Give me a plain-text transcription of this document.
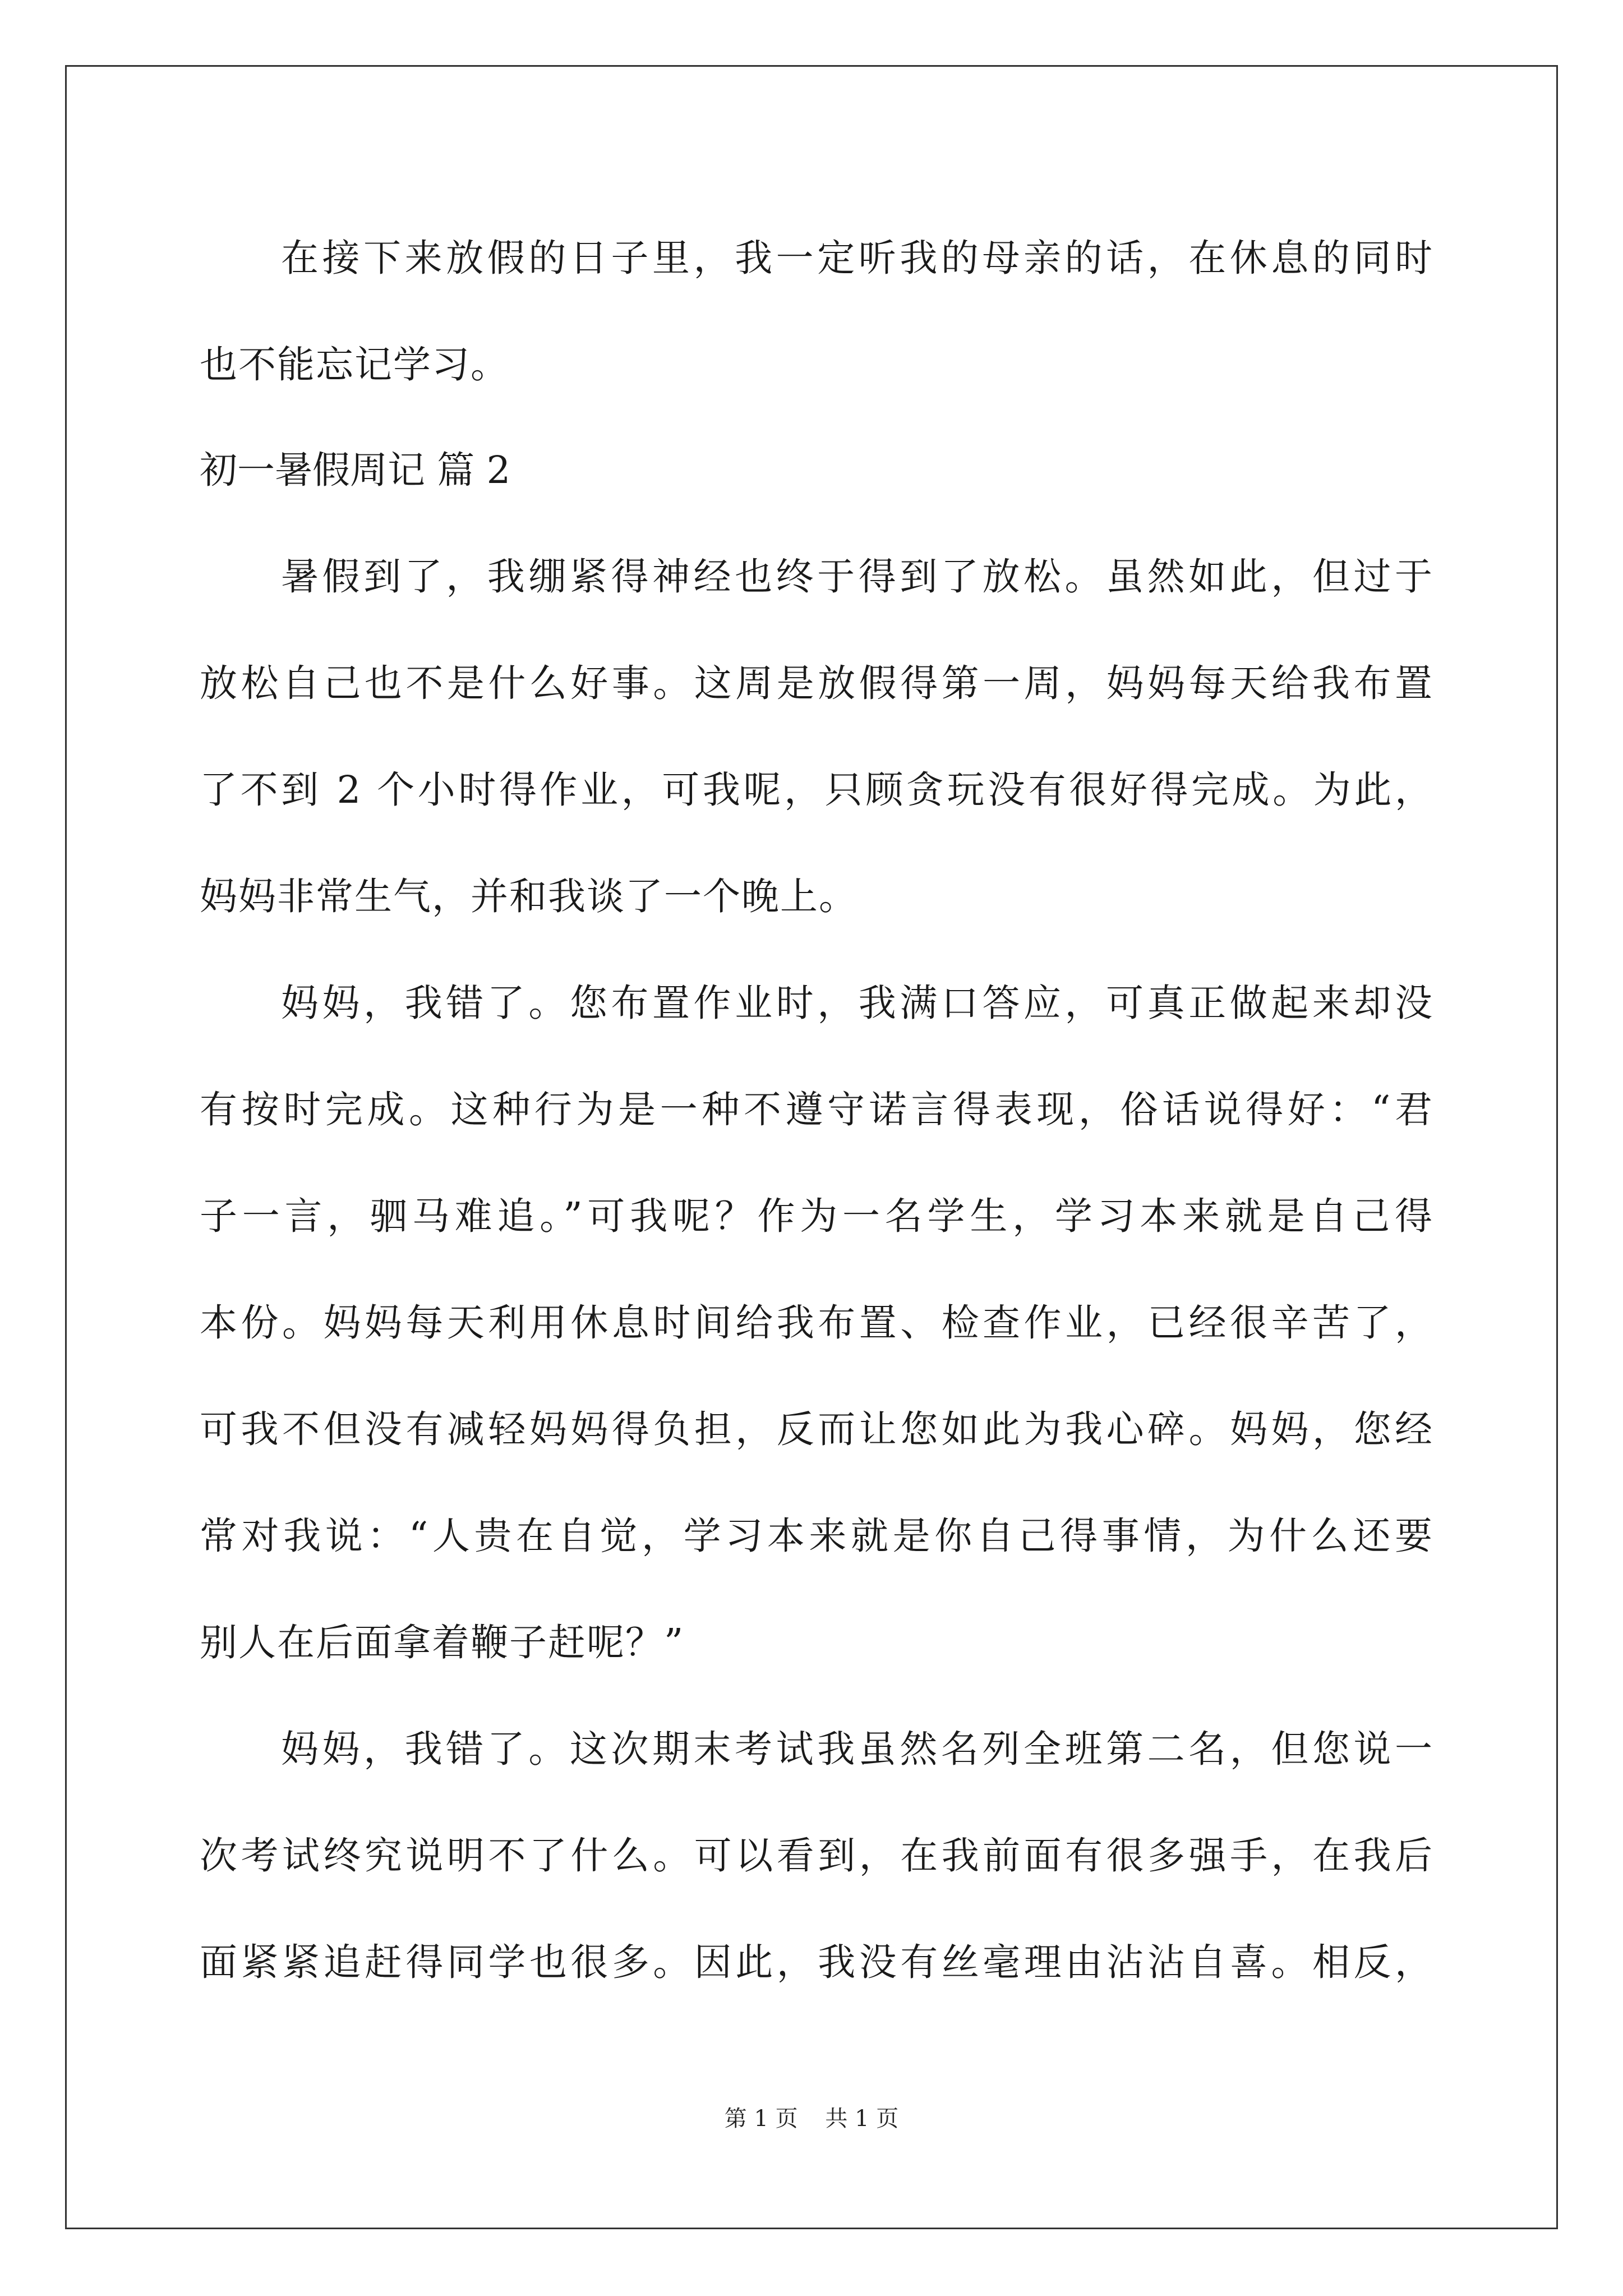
在接下来放假的日子里，我一定听我的母亲的话，在休息的同时
也不能忘记学习。
初一暑假周记 篇 2
暑假到了，我绷紧得神经也终于得到了放松。虽然如此，但过于
放松自己也不是什么好事。这周是放假得第一周，妈妈每天给我布置
了不到 2 个小时得作业，可我呢，只顾贪玩没有很好得完成。为此，
妈妈非常生气，并和我谈了一个晚上。
妈妈，我错了。您布置作业时，我满口答应，可真正做起来却没
有按时完成。这种行为是一种不遵守诺言得表现，俗话说得好：“君
子一言，驷马难追。”可我呢？作为一名学生，学习本来就是自己得
本份。妈妈每天利用休息时间给我布置、检查作业，已经很辛苦了，
可我不但没有减轻妈妈得负担，反而让您如此为我心碎。妈妈，您经
常对我说：“人贵在自觉，学习本来就是你自己得事情，为什么还要
别人在后面拿着鞭子赶呢？”
妈妈，我错了。这次期末考试我虽然名列全班第二名，但您说一
次考试终究说明不了什么。可以看到，在我前面有很多强手，在我后
面紧紧追赶得同学也很多。因此，我没有丝毫理由沾沾自喜。相反，
第 1 页 共 1 页
